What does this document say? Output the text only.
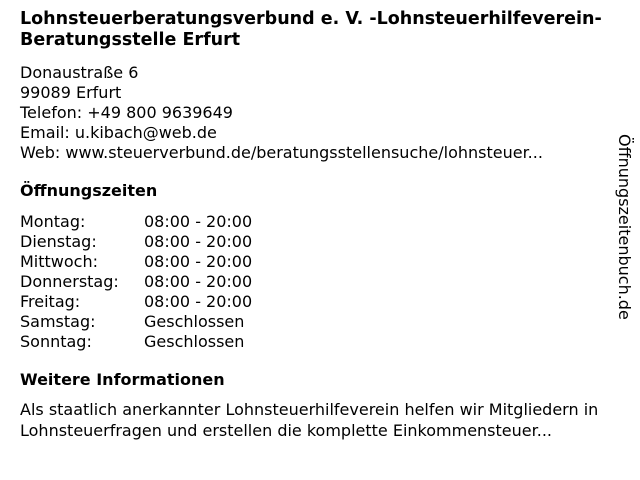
Lohnsteuerberatungsverbund e. V. -Lohnsteuerhilfeverein- Beratungsstelle Erfurt
Donaustraße 6
99089 Erfurt
Telefon: +49 800 9639649
Email: u.kibach@web.de
Web: www.steuerverbund.de/beratungsstellensuche/lohnsteuer...
Öffnungszeiten
Montag:	08:00 - 20:00
Dienstag:	08:00 - 20:00
Mittwoch:	08:00 - 20:00
Donnerstag:	08:00 - 20:00
Freitag:	08:00 - 20:00
Samstag:	Geschlossen
Sonntag:	Geschlossen
Weitere Informationen
Als staatlich anerkannter Lohnsteuerhilfeverein helfen wir Mitgliedern in Lohnsteuerfragen und erstellen die komplette Einkommensteuer...
Öffnungszeitenbuch.de
